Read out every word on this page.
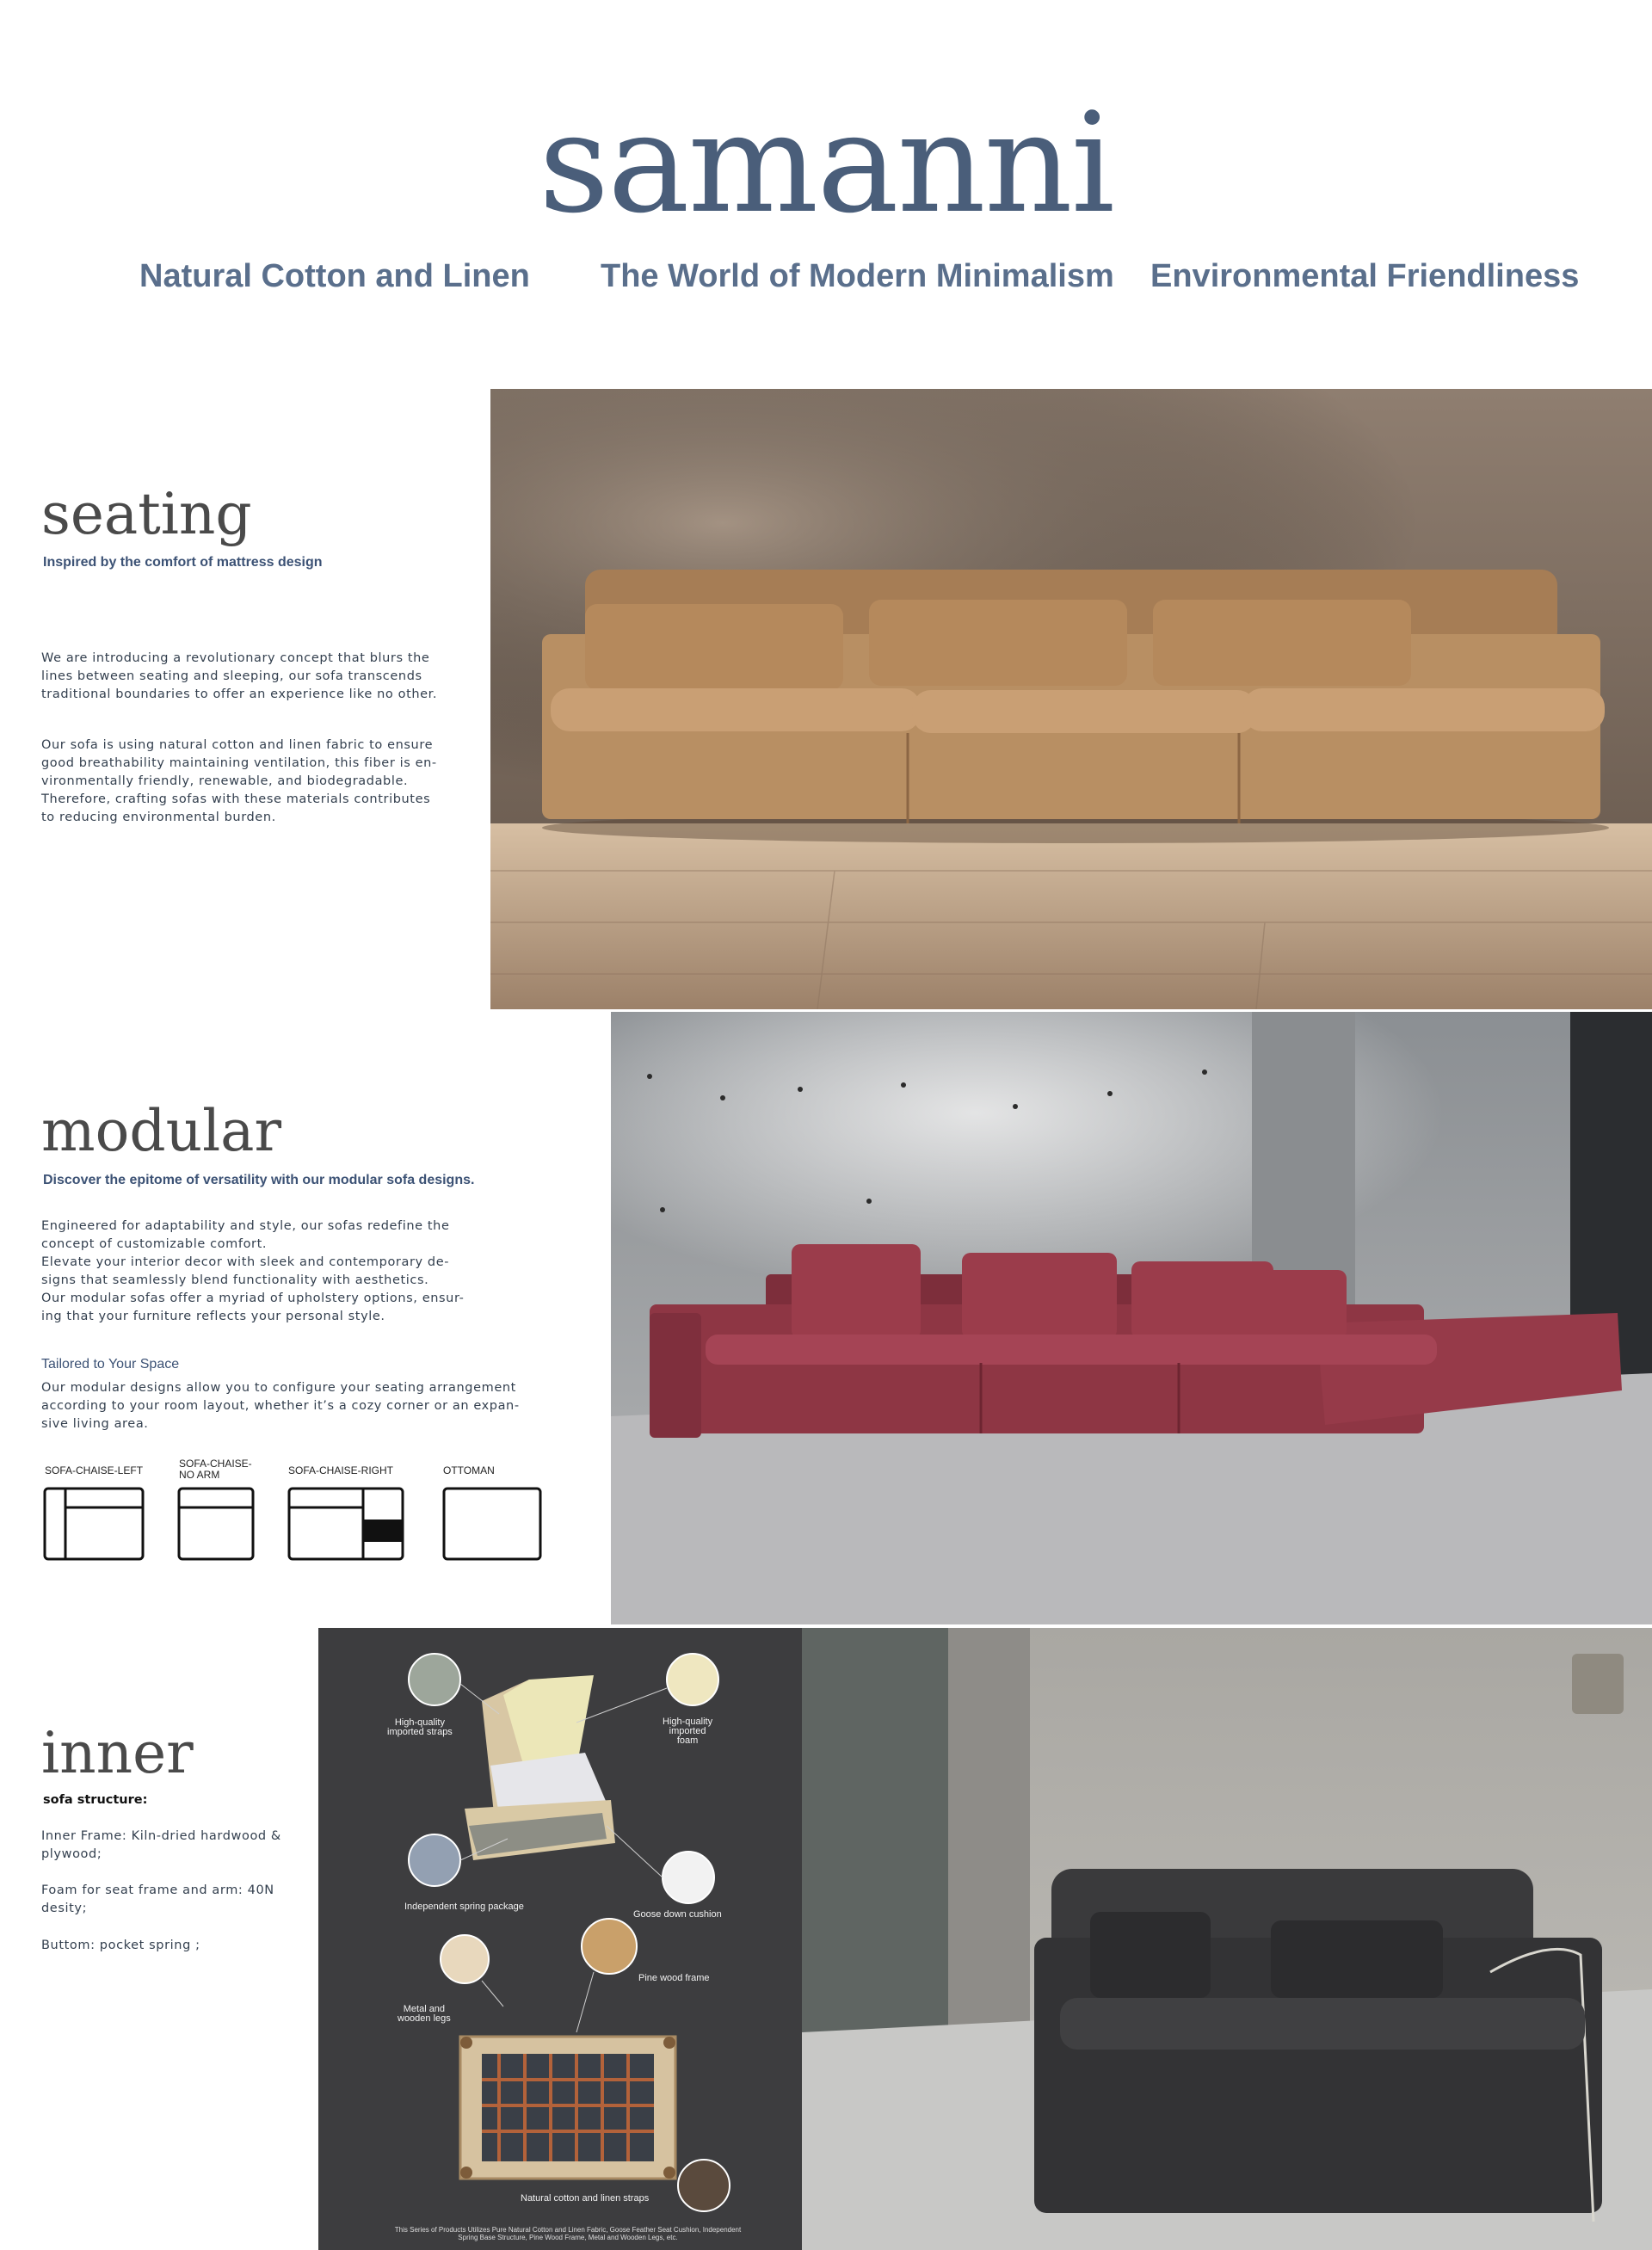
samanni
Natural Cotton and Linen The World of Modern Minimalism Environmental Friendliness
seating
Inspired by the comfort of mattress design
We are introducing a revolutionary concept that blurs the
lines between seating and sleeping, our sofa transcends
traditional boundaries to offer an experience like no other.
Our sofa is using natural cotton and linen fabric to ensure
good breathability maintaining ventilation, this fiber is en-
vironmentally friendly, renewable, and biodegradable.
Therefore, crafting sofas with these materials contributes
to reducing environmental burden.
modular
Discover the epitome of versatility with our modular sofa designs.
Engineered for adaptability and style, our sofas redefine the
concept of customizable comfort.
Elevate your interior decor with sleek and contemporary de-
signs that seamlessly blend functionality with aesthetics.
Our modular sofas offer a myriad of upholstery options, ensur-
ing that your furniture reflects your personal style.
Tailored to Your Space
Our modular designs allow you to configure your seating arrangement
according to your room layout, whether it’s a cozy corner or an expan-
sive living area.
SOFA-CHAISE-LEFT
SOFA-CHAISE-
NO ARM	SOFA-CHAISE-RIGHT	OTTOMAN
inner
sofa structure:
Inner Frame: Kiln-dried hardwood &
plywood;
Foam for seat frame and arm: 40N
desity;
Buttom: pocket spring ;
High-quality
imported straps
High-quality
imported
foam
Independent spring package
Goose down cushion
Pine wood frame
Metal and
wooden legs
Natural cotton and linen straps
This Series of Products Utilizes Pure Natural Cotton and Linen Fabric, Goose Feather Seat Cushion, Independent Spring Base Structure, Pine Wood Frame, Metal and Wooden Legs, etc.
